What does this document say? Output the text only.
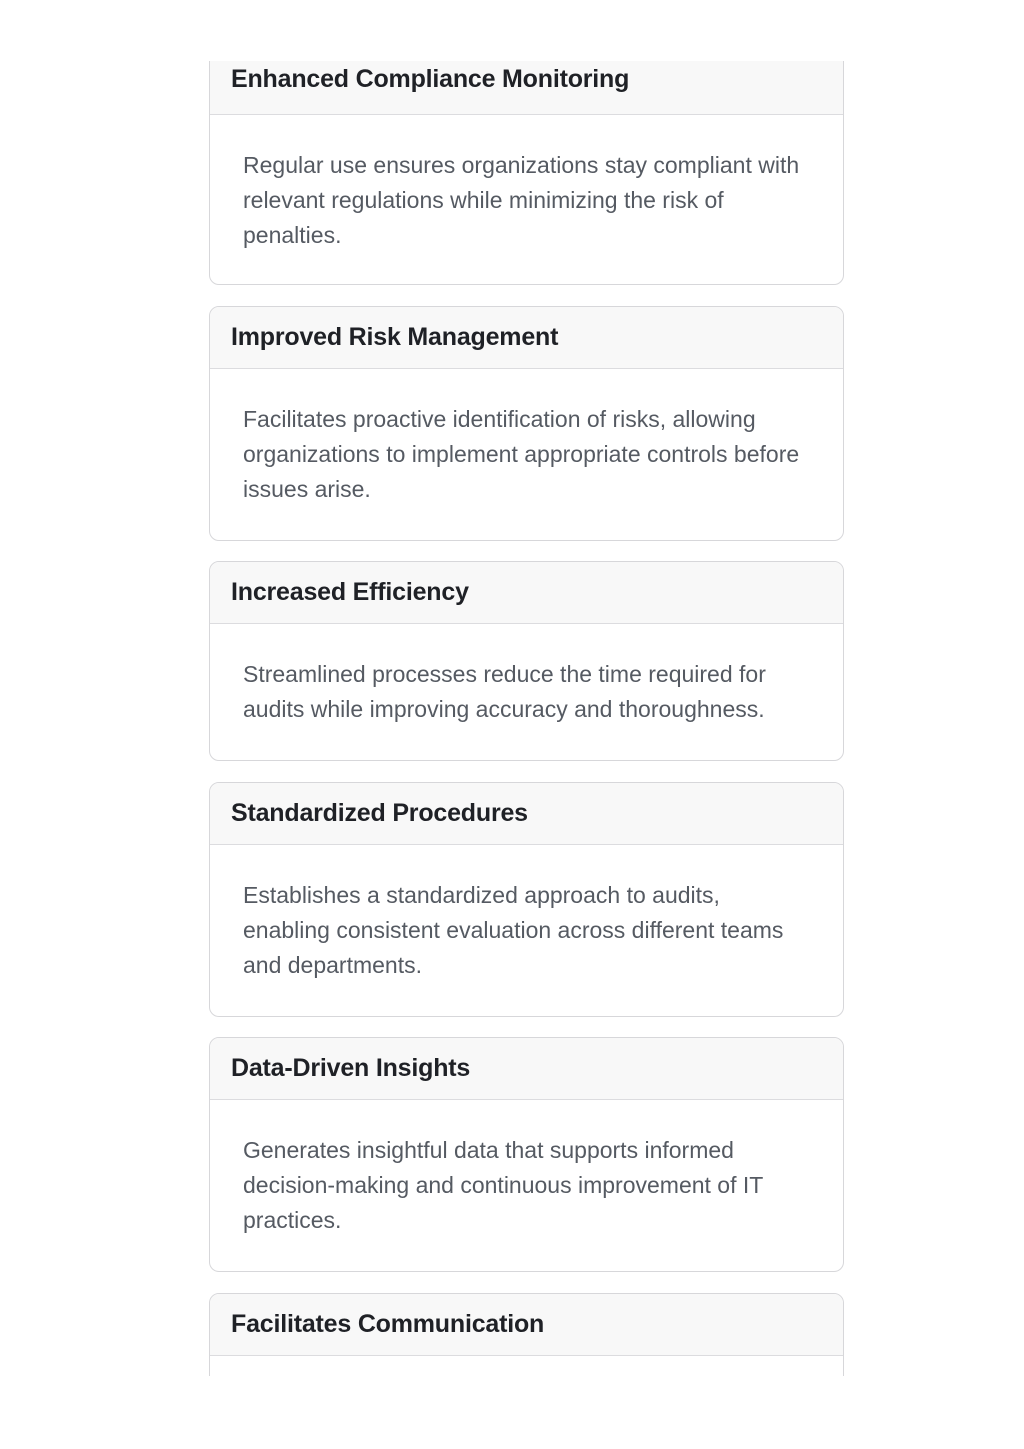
Enhanced Compliance Monitoring

Regular use ensures organizations stay compliant with relevant regulations while minimizing the risk of penalties.

Improved Risk Management

Facilitates proactive identification of risks, allowing organizations to implement appropriate controls before issues arise.

Increased Efficiency

Streamlined processes reduce the time required for audits while improving accuracy and thoroughness.

Standardized Procedures

Establishes a standardized approach to audits, enabling consistent evaluation across different teams and departments.

Data-Driven Insights

Generates insightful data that supports informed decision-making and continuous improvement of IT practices.

Facilitates Communication
